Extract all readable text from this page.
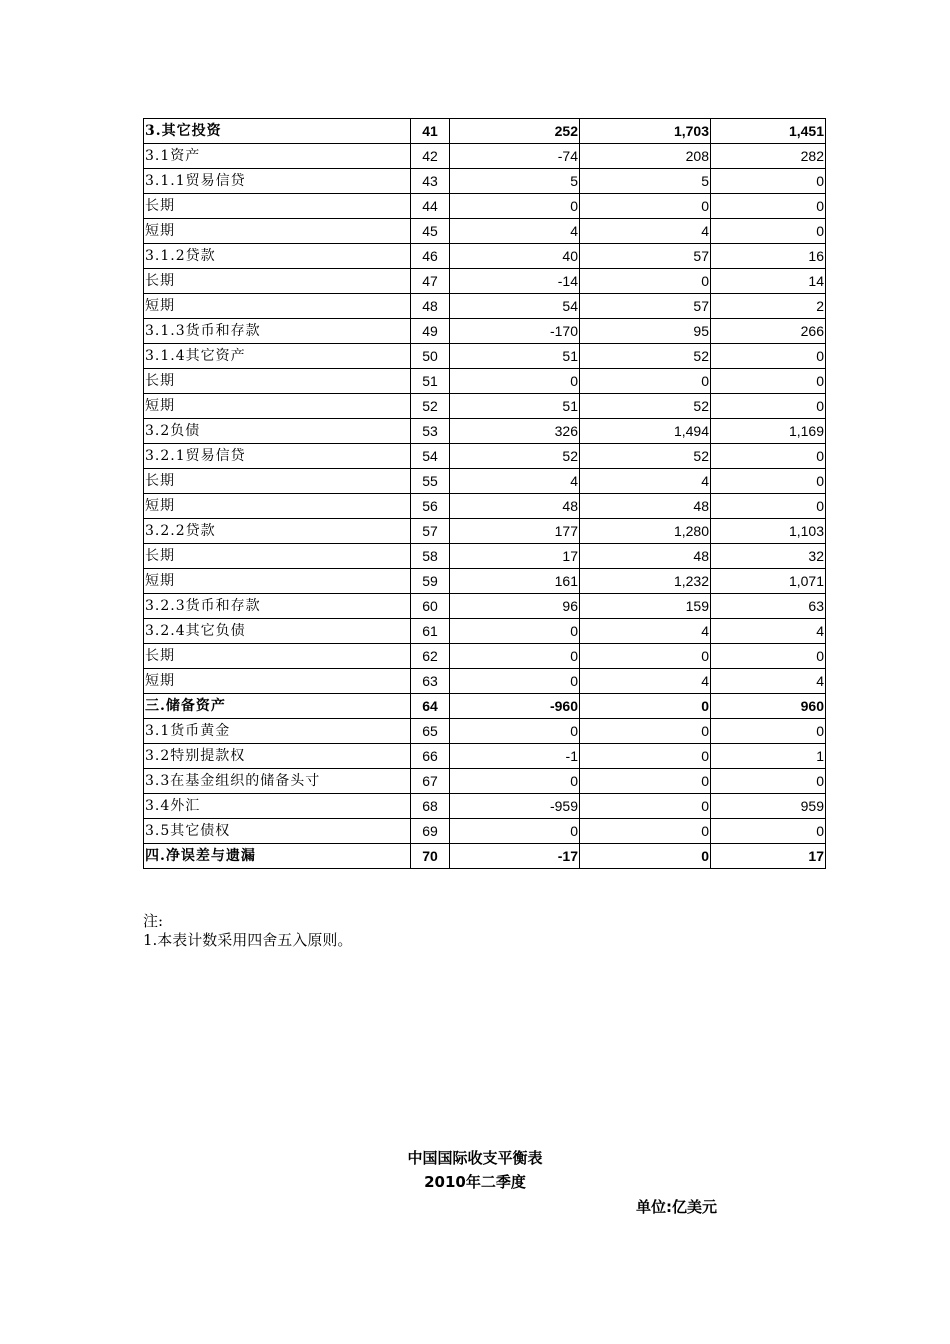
3.其它投资	41	252	1,703	1,451
3.1资产	42	-74	208	282
3.1.1贸易信贷	43	5	5	0
长期	44	0	0	0
短期	45	4	4	0
3.1.2贷款	46	40	57	16
长期	47	-14	0	14
短期	48	54	57	2
3.1.3货币和存款	49	-170	95	266
3.1.4其它资产	50	51	52	0
长期	51	0	0	0
短期	52	51	52	0
3.2负债	53	326	1,494	1,169
3.2.1贸易信贷	54	52	52	0
长期	55	4	4	0
短期	56	48	48	0
3.2.2贷款	57	177	1,280	1,103
长期	58	17	48	32
短期	59	161	1,232	1,071
3.2.3货币和存款	60	96	159	63
3.2.4其它负债	61	0	4	4
长期	62	0	0	0
短期	63	0	4	4
三.储备资产	64	-960	0	960
3.1货币黄金	65	0	0	0
3.2特别提款权	66	-1	0	1
3.3在基金组织的储备头寸	67	0	0	0
3.4外汇	68	-959	0	959
3.5其它债权	69	0	0	0
四.净误差与遗漏	70	-17	0	17
注:
1.本表计数采用四舍五入原则。
中国国际收支平衡表
2010年二季度
单位:亿美元
